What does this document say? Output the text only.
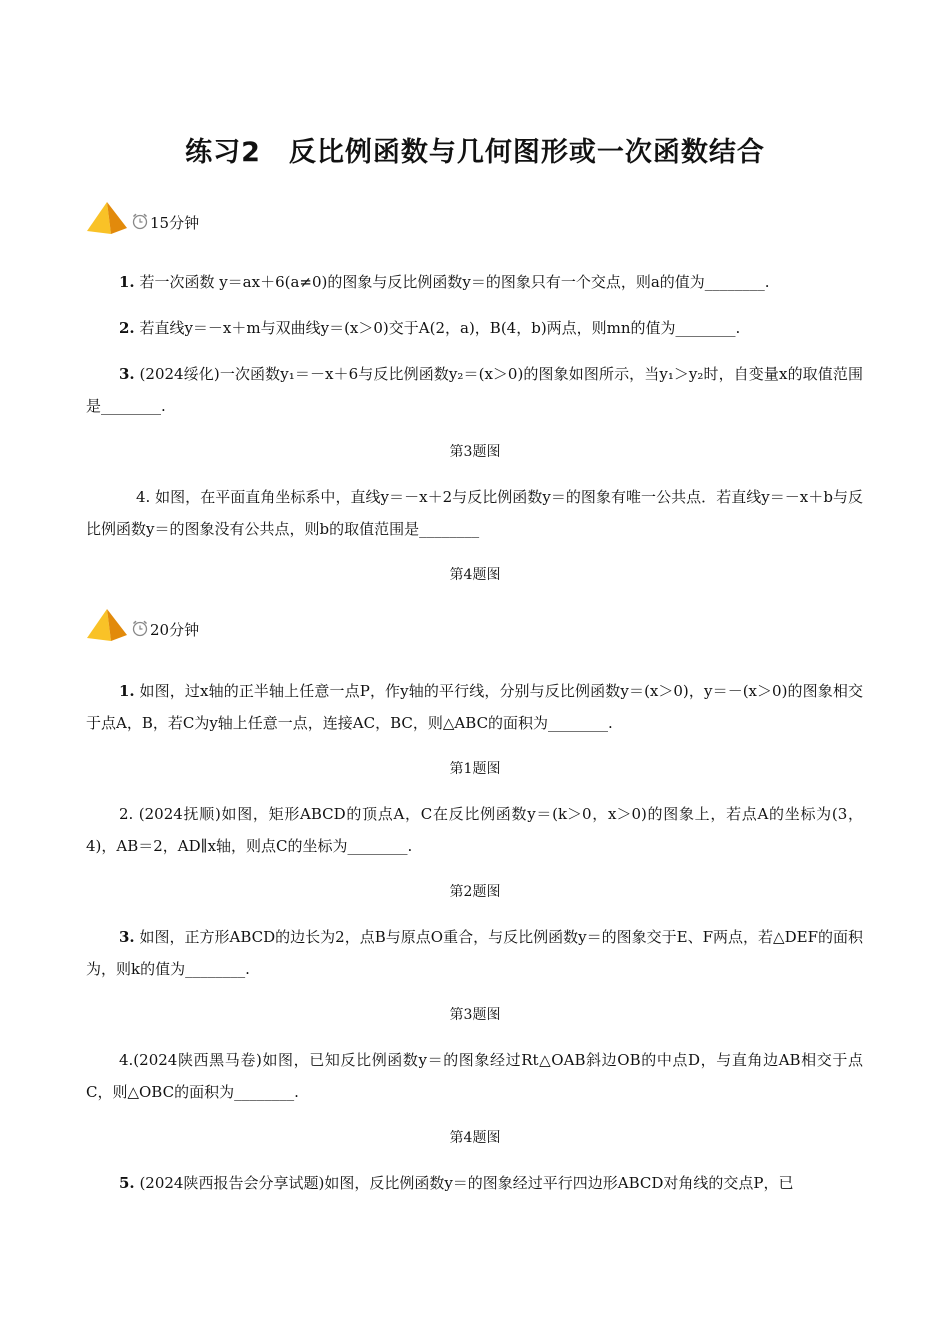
练习2　反比例函数与几何图形或一次函数结合
15分钟
1. 若一次函数 y＝ax＋6(a≠0)的图象与反比例函数y＝的图象只有一个交点，则a的值为________.
2. 若直线y＝－x＋m与双曲线y＝(x＞0)交于A(2，a)，B(4，b)两点，则mn的值为________.
3. (2024绥化)一次函数y₁＝－x＋6与反比例函数y₂＝(x＞0)的图象如图所示，当y₁＞y₂时，自变量x的取值范围是________.
第3题图
4. 如图，在平面直角坐标系中，直线y＝－x＋2与反比例函数y＝的图象有唯一公共点．若直线y＝－x＋b与反比例函数y＝的图象没有公共点，则b的取值范围是________
第4题图
20分钟
1. 如图，过x轴的正半轴上任意一点P，作y轴的平行线，分别与反比例函数y＝(x＞0)，y＝－(x＞0)的图象相交于点A，B，若C为y轴上任意一点，连接AC，BC，则△ABC的面积为________.
第1题图
2. (2024抚顺)如图，矩形ABCD的顶点A，C在反比例函数y＝(k＞0，x＞0)的图象上，若点A的坐标为(3，4)，AB＝2，AD∥x轴，则点C的坐标为________.
第2题图
3. 如图，正方形ABCD的边长为2，点B与原点O重合，与反比例函数y＝的图象交于E、F两点，若△DEF的面积为，则k的值为________.
第3题图
4.(2024陕西黑马卷)如图，已知反比例函数y＝的图象经过Rt△OAB斜边OB的中点D，与直角边AB相交于点C，则△OBC的面积为________.
第4题图
5. (2024陕西报告会分享试题)如图，反比例函数y＝的图象经过平行四边形ABCD对角线的交点P，已
